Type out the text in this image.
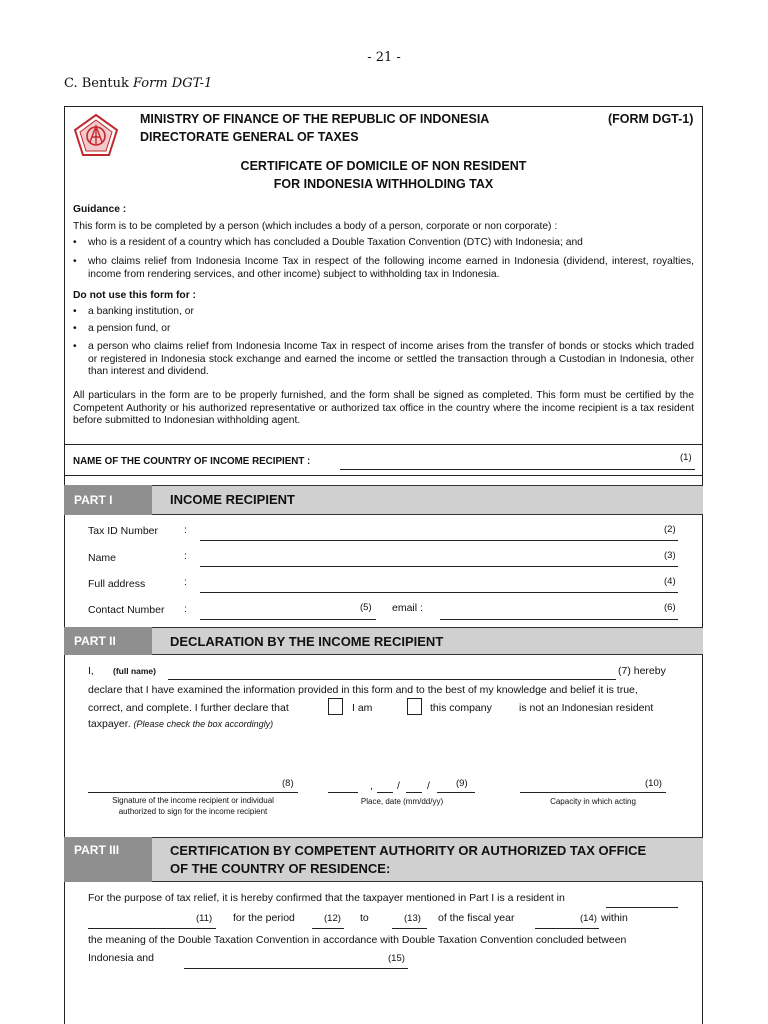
- 21 -
C. Bentuk Form DGT-1
MINISTRY OF FINANCE OF THE REPUBLIC OF INDONESIA
DIRECTORATE GENERAL OF TAXES
(FORM DGT-1)
CERTIFICATE OF DOMICILE OF NON RESIDENT
FOR INDONESIA WITHHOLDING TAX
Guidance :
This form is to be completed by a person (which includes a body of a person, corporate or non corporate) :
• who is a resident of a country which has concluded a Double Taxation Convention (DTC) with Indonesia; and
• who claims relief from Indonesia Income Tax in respect of the following income earned in Indonesia (dividend, interest, royalties, income from rendering services, and other income) subject to withholding tax in Indonesia.
Do not use this form for :
• a banking institution, or
• a pension fund, or
• a person who claims relief from Indonesia Income Tax in respect of income arises from the transfer of bonds or stocks which traded or registered in Indonesia stock exchange and earned the income or settled the transaction through a Custodian in Indonesia, other than interest and dividend.
All particulars in the form are to be properly furnished, and the form shall be signed as completed. This form must be certified by the Competent Authority or his authorized representative or authorized tax office in the country where the income recipient is a tax resident before submitted to Indonesian withholding agent.
NAME OF THE COUNTRY OF INCOME RECIPIENT :	(1)
PART I	INCOME RECIPIENT
Tax ID Number :	(2)
Name	:	(3)
Full address	:	(4)
Contact Number :	(5) email :	(6)
PART II	DECLARATION BY THE INCOME RECIPIENT
I, (full name)	(7) hereby
declare that I have examined the information provided in this form and to the best of my knowledge and belief it is true,
correct, and complete. I further declare that	I am	this company	is not an Indonesian resident
taxpayer. (Please check the box accordingly)
(8)
Signature of the income recipient or individual
authorized to sign for the income recipient
, /	/	(9)
Place, date (mm/dd/yy)
(10)
Capacity in which acting
PART III	CERTIFICATION BY COMPETENT AUTHORITY OR AUTHORIZED TAX OFFICE
OF THE COUNTRY OF RESIDENCE:
For the purpose of tax relief, it is hereby confirmed that the taxpayer mentioned in Part I is a resident in
(11) for the period	(12) to	(13) of the fiscal year	(14) within
the meaning of the Double Taxation Convention in accordance with Double Taxation Convention concluded between
Indonesia and	(15)
